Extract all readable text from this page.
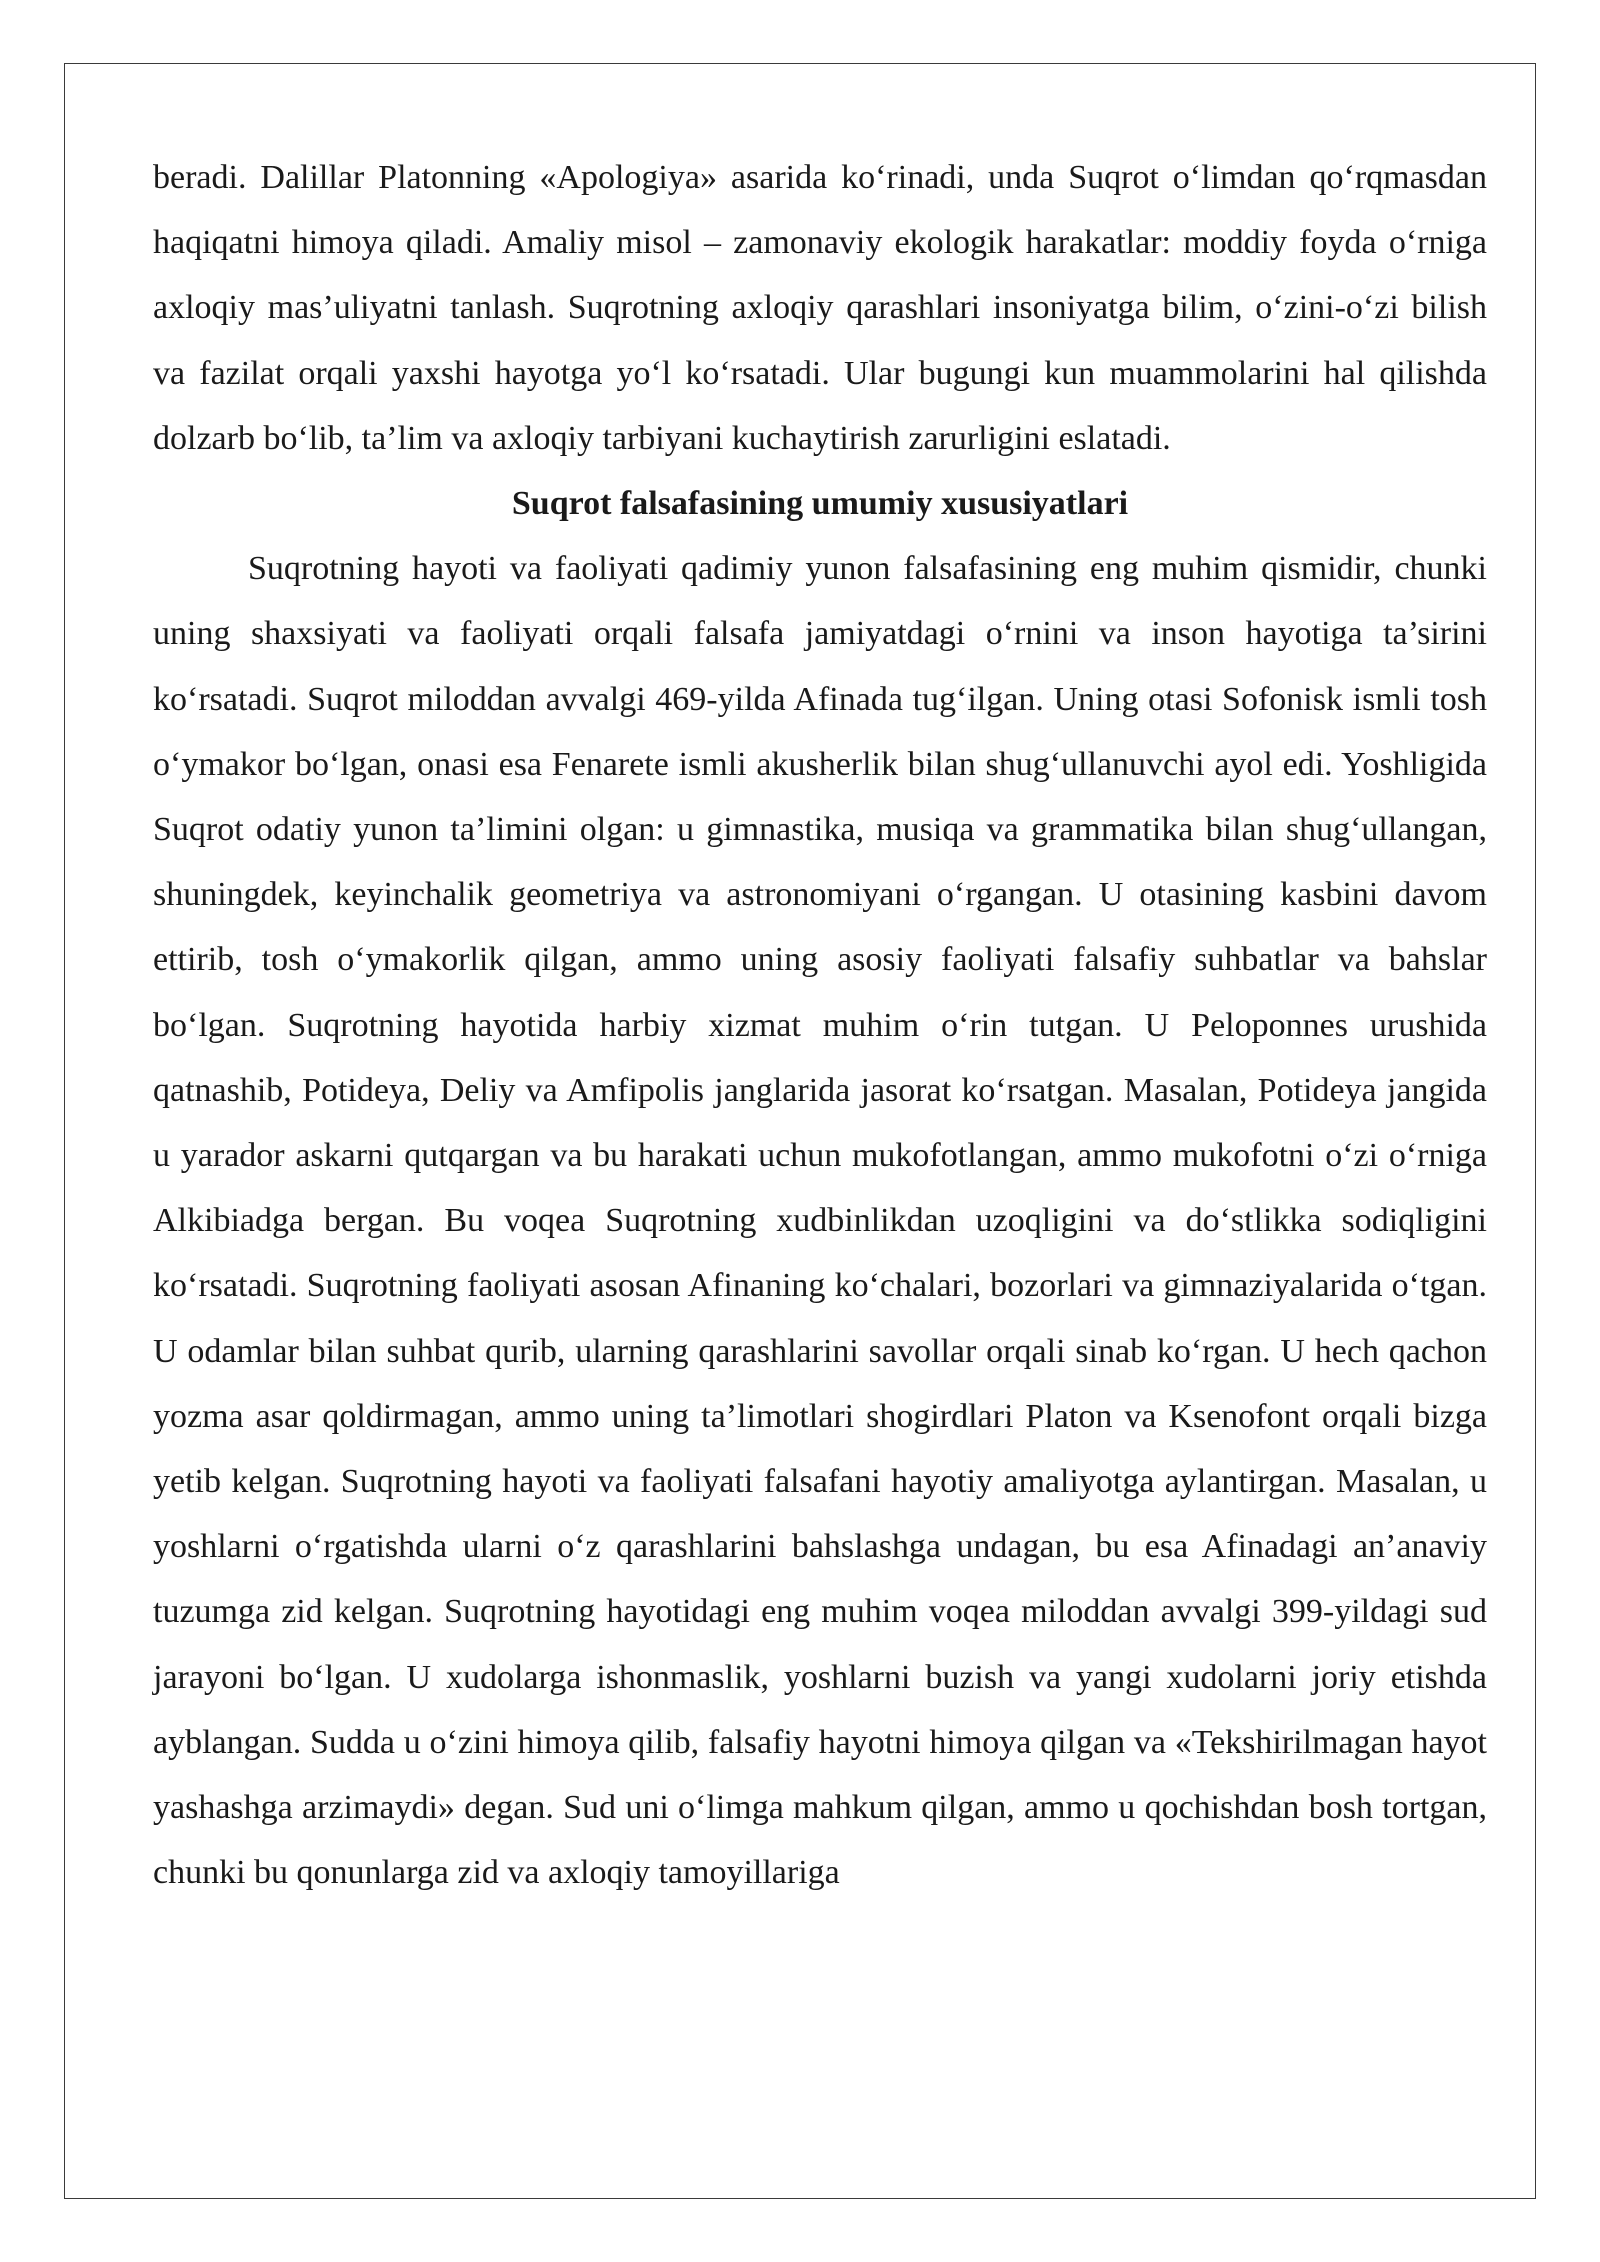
beradi. Dalillar Platonning «Apologiya» asarida ko‘rinadi, unda Suqrot o‘limdan qo‘rqmasdan haqiqatni himoya qiladi. Amaliy misol – zamonaviy ekologik harakatlar: moddiy foyda o‘rniga axloqiy mas’uliyatni tanlash. Suqrotning axloqiy qarashlari insoniyatga bilim, o‘zini-o‘zi bilish va fazilat orqali yaxshi hayotga yo‘l ko‘rsatadi. Ular bugungi kun muammolarini hal qilishda dolzarb bo‘lib, ta’lim va axloqiy tarbiyani kuchaytirish zarurligini eslatadi.

Suqrot falsafasining umumiy xususiyatlari

Suqrotning hayoti va faoliyati qadimiy yunon falsafasining eng muhim qismidir, chunki uning shaxsiyati va faoliyati orqali falsafa jamiyatdagi o‘rnini va inson hayotiga ta’sirini ko‘rsatadi. Suqrot miloddan avvalgi 469-yilda Afinada tug‘ilgan. Uning otasi Sofonisk ismli tosh o‘ymakor bo‘lgan, onasi esa Fenarete ismli akusherlik bilan shug‘ullanuvchi ayol edi. Yoshligida Suqrot odatiy yunon ta’limini olgan: u gimnastika, musiqa va grammatika bilan shug‘ullangan, shuningdek, keyinchalik geometriya va astronomiyani o‘rgangan. U otasining kasbini davom ettirib, tosh o‘ymakorlik qilgan, ammo uning asosiy faoliyati falsafiy suhbatlar va bahslar bo‘lgan. Suqrotning hayotida harbiy xizmat muhim o‘rin tutgan. U Peloponnes urushida qatnashib, Potideya, Deliy va Amfipolis janglarida jasorat ko‘rsatgan. Masalan, Potideya jangida u yarador askarni qutqargan va bu harakati uchun mukofotlangan, ammo mukofotni o‘zi o‘rniga Alkibiadga bergan. Bu voqea Suqrotning xudbinlikdan uzoqligini va do‘stlikka sodiqligini ko‘rsatadi. Suqrotning faoliyati asosan Afinaning ko‘chalari, bozorlari va gimnaziyalarida o‘tgan. U odamlar bilan suhbat qurib, ularning qarashlarini savollar orqali sinab ko‘rgan. U hech qachon yozma asar qoldirmagan, ammo uning ta’limotlari shogirdlari Platon va Ksenofont orqali bizga yetib kelgan. Suqrotning hayoti va faoliyati falsafani hayotiy amaliyotga aylantirgan. Masalan, u yoshlarni o‘rgatishda ularni o‘z qarashlarini bahslashga undagan, bu esa Afinadagi an’anaviy tuzumga zid kelgan. Suqrotning hayotidagi eng muhim voqea miloddan avvalgi 399-yildagi sud jarayoni bo‘lgan. U xudolarga ishonmaslik, yoshlarni buzish va yangi xudolarni joriy etishda ayblangan. Sudda u o‘zini himoya qilib, falsafiy hayotni himoya qilgan va «Tekshirilmagan hayot yashashga arzimaydi» degan. Sud uni o‘limga mahkum qilgan, ammo u qochishdan bosh tortgan, chunki bu qonunlarga zid va axloqiy tamoyillariga
